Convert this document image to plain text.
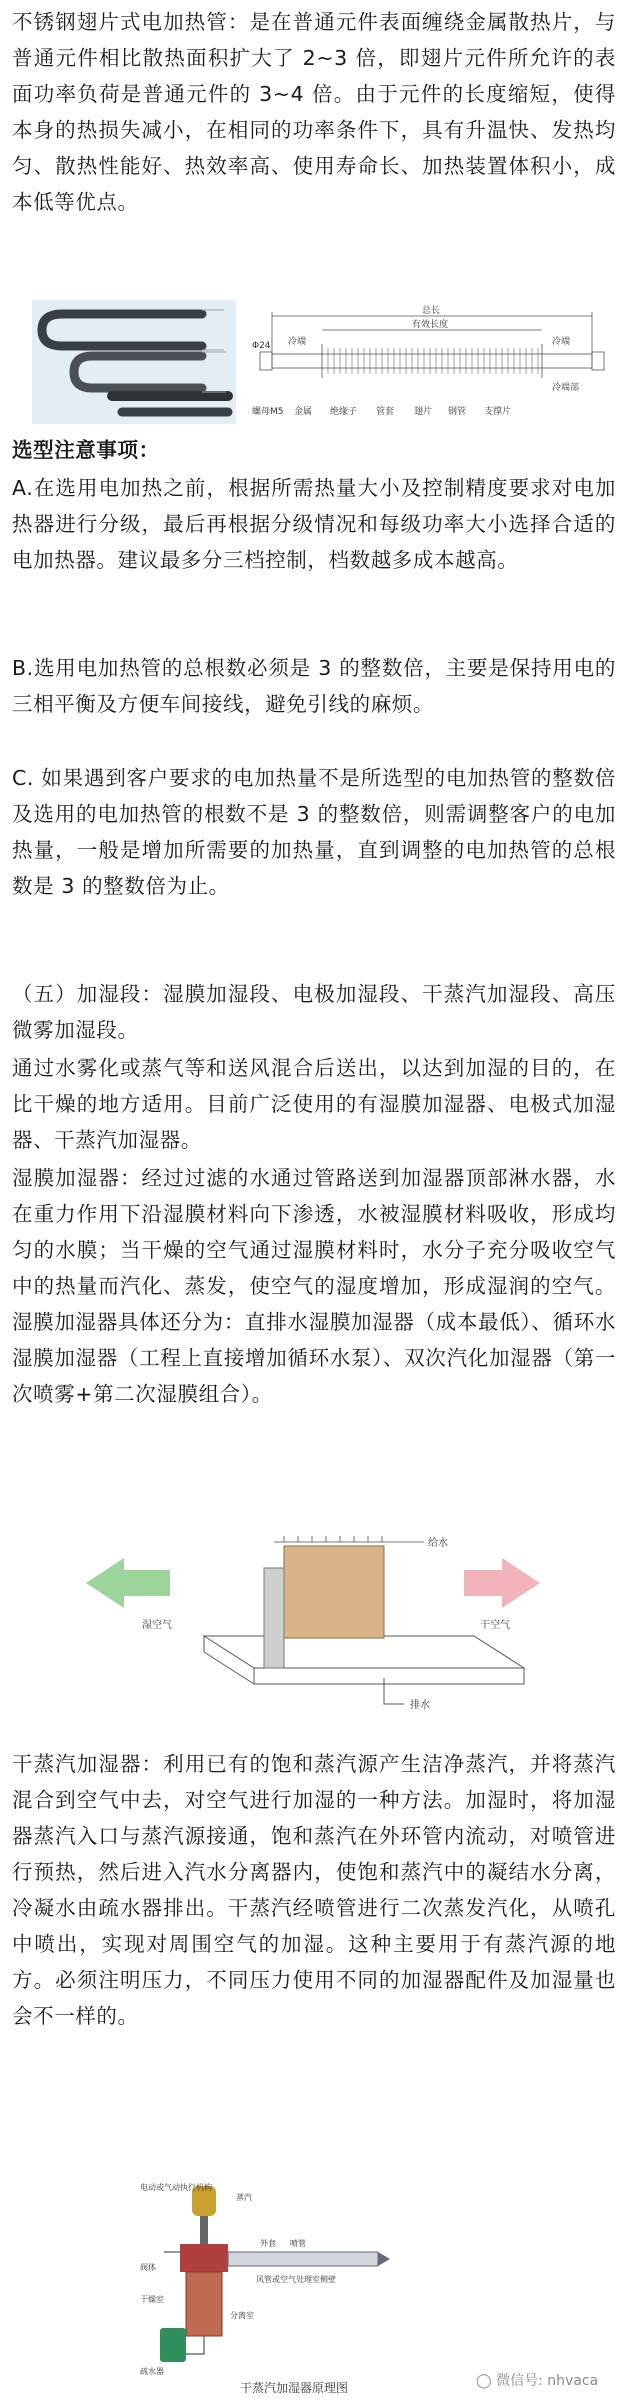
不锈钢翅片式电加热管：是在普通元件表面缠绕金属散热片，与普通元件相比散热面积扩大了 2~3 倍，即翅片元件所允许的表面功率负荷是普通元件的 3~4 倍。由于元件的长度缩短，使得本身的热损失减小，在相同的功率条件下，具有升温快、发热均匀、散热性能好、热效率高、使用寿命长、加热装置体积小，成本低等优点。

总长
有效长度
冷端	冷端
Φ24
螺母M5 金属 绝缘子 管套 翅片 钢管 支撑片
冷端部

选型注意事项：

A.在选用电加热之前，根据所需热量大小及控制精度要求对电加热器进行分级，最后再根据分级情况和每级功率大小选择合适的电加热器。建议最多分三档控制，档数越多成本越高。

B.选用电加热管的总根数必须是 3 的整数倍，主要是保持用电的三相平衡及方便车间接线，避免引线的麻烦。

C. 如果遇到客户要求的电加热量不是所选型的电加热管的整数倍及选用的电加热管的根数不是 3 的整数倍，则需调整客户的电加热量，一般是增加所需要的加热量，直到调整的电加热管的总根数是 3 的整数倍为止。

（五）加湿段：湿膜加湿段、电极加湿段、干蒸汽加湿段、高压微雾加湿段。

通过水雾化或蒸气等和送风混合后送出，以达到加湿的目的，在比干燥的地方适用。目前广泛使用的有湿膜加湿器、电极式加湿器、干蒸汽加湿器。

湿膜加湿器：经过过滤的水通过管路送到加湿器顶部淋水器，水在重力作用下沿湿膜材料向下渗透，水被湿膜材料吸收，形成均匀的水膜；当干燥的空气通过湿膜材料时，水分子充分吸收空气中的热量而汽化、蒸发，使空气的湿度增加，形成湿润的空气。湿膜加湿器具体还分为：直排水湿膜加湿器（成本最低）、循环水湿膜加湿器（工程上直接增加循环水泵）、双次汽化加湿器（第一次喷雾+第二次湿膜组合）。

湿空气	干空气
给水
排水

干蒸汽加湿器：利用已有的饱和蒸汽源产生洁净蒸汽，并将蒸汽混合到空气中去，对空气进行加湿的一种方法。加湿时，将加湿器蒸汽入口与蒸汽源接通，饱和蒸汽在外环管内流动，对喷管进行预热，然后进入汽水分离器内，使饱和蒸汽中的凝结水分离，冷凝水由疏水器排出。干蒸汽经喷管进行二次蒸发汽化，从喷孔中喷出，实现对周围空气的加湿。这种主要用于有蒸汽源的地方。必须注明压力，不同压力使用不同的加湿器配件及加湿量也会不一样的。

电动或气动执行机构
蒸汽
阀体
分离室
干燥室
疏水器
喷管
外套
风管或空气处理室侧壁
干蒸汽加湿器原理图	◯ 微信号: nhvaca
